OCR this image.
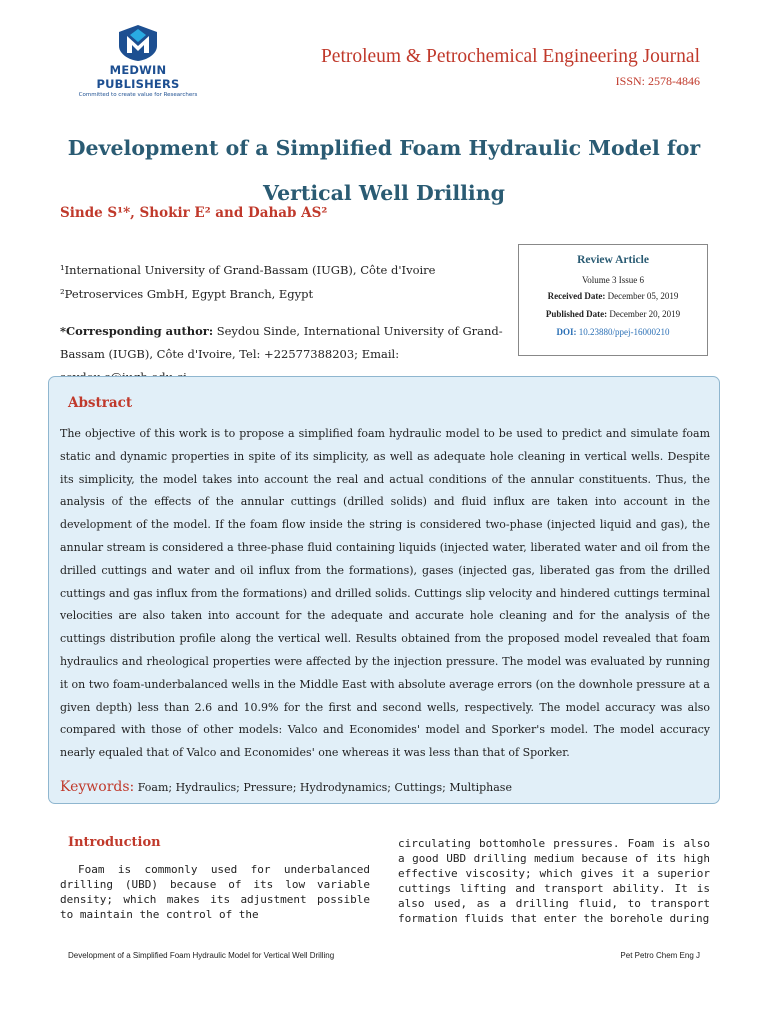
MEDWIN PUBLISHERS
Committed to create value for Researchers
Petroleum & Petrochemical Engineering Journal
ISSN: 2578-4846
Development of a Simplified Foam Hydraulic Model for Vertical Well Drilling
Sinde S¹*, Shokir E² and Dahab AS²
¹International University of Grand-Bassam (IUGB), Côte d'Ivoire
²Petroservices GmbH, Egypt Branch, Egypt
*Corresponding author: Seydou Sinde, International University of Grand-Bassam (IUGB), Côte d'Ivoire, Tel: +22577388203; Email:
Review Article
Volume 3 Issue 6
Received Date: December 05, 2019
Published Date: December 20, 2019
DOI: 10.23880/ppej-16000210
Abstract
The objective of this work is to propose a simplified foam hydraulic model to be used to predict and simulate foam static and dynamic properties in spite of its simplicity, as well as adequate hole cleaning in vertical wells. Despite its simplicity, the model takes into account the real and actual conditions of the annular constituents. Thus, the analysis of the effects of the annular cuttings (drilled solids) and fluid influx are taken into account in the development of the model. If the foam flow inside the string is considered two-phase (injected liquid and gas), the annular stream is considered a three-phase fluid containing liquids (injected water, liberated water and oil from the drilled cuttings and water and oil influx from the formations), gases (injected gas, liberated gas from the drilled cuttings and gas influx from the formations) and drilled solids. Cuttings slip velocity and hindered cuttings terminal velocities are also taken into account for the adequate and accurate hole cleaning and for the analysis of the cuttings distribution profile along the vertical well. Results obtained from the proposed model revealed that foam hydraulics and rheological properties were affected by the injection pressure. The model was evaluated by running it on two foam-underbalanced wells in the Middle East with absolute average errors (on the downhole pressure at a given depth) less than 2.6 and 10.9% for the first and second wells, respectively. The model accuracy was also compared with those of other models: Valco and Economides' model and Sporker's model. The model accuracy nearly equaled that of Valco and Economides' one whereas it was less than that of Sporker.
Keywords: Foam; Hydraulics; Pressure; Hydrodynamics; Cuttings; Multiphase
Introduction
Foam is commonly used for underbalanced drilling (UBD) because of its low variable density; which makes its adjustment possible to maintain the control of the
circulating bottomhole pressures. Foam is also a good UBD drilling medium because of its high effective viscosity; which gives it a superior cuttings lifting and transport ability. It is also used, as a drilling fluid, to transport formation fluids that enter the borehole during
Development of a Simplified Foam Hydraulic Model for Vertical Well Drilling	Pet Petro Chem Eng J
